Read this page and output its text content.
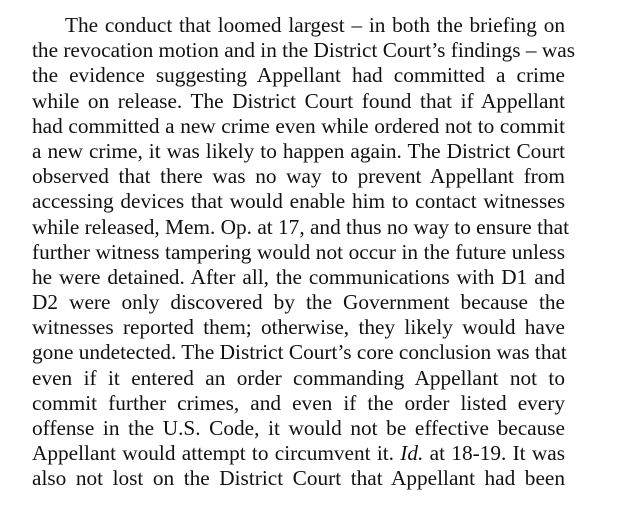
The conduct that loomed largest – in both the briefing on
the revocation motion and in the District Court’s findings – was
the evidence suggesting Appellant had committed a crime
while on release. The District Court found that if Appellant
had committed a new crime even while ordered not to commit
a new crime, it was likely to happen again. The District Court
observed that there was no way to prevent Appellant from
accessing devices that would enable him to contact witnesses
while released, Mem. Op. at 17, and thus no way to ensure that
further witness tampering would not occur in the future unless
he were detained. After all, the communications with D1 and
D2 were only discovered by the Government because the
witnesses reported them; otherwise, they likely would have
gone undetected. The District Court’s core conclusion was that
even if it entered an order commanding Appellant not to
commit further crimes, and even if the order listed every
offense in the U.S. Code, it would not be effective because
Appellant would attempt to circumvent it. Id. at 18-19. It was
also not lost on the District Court that Appellant had been
